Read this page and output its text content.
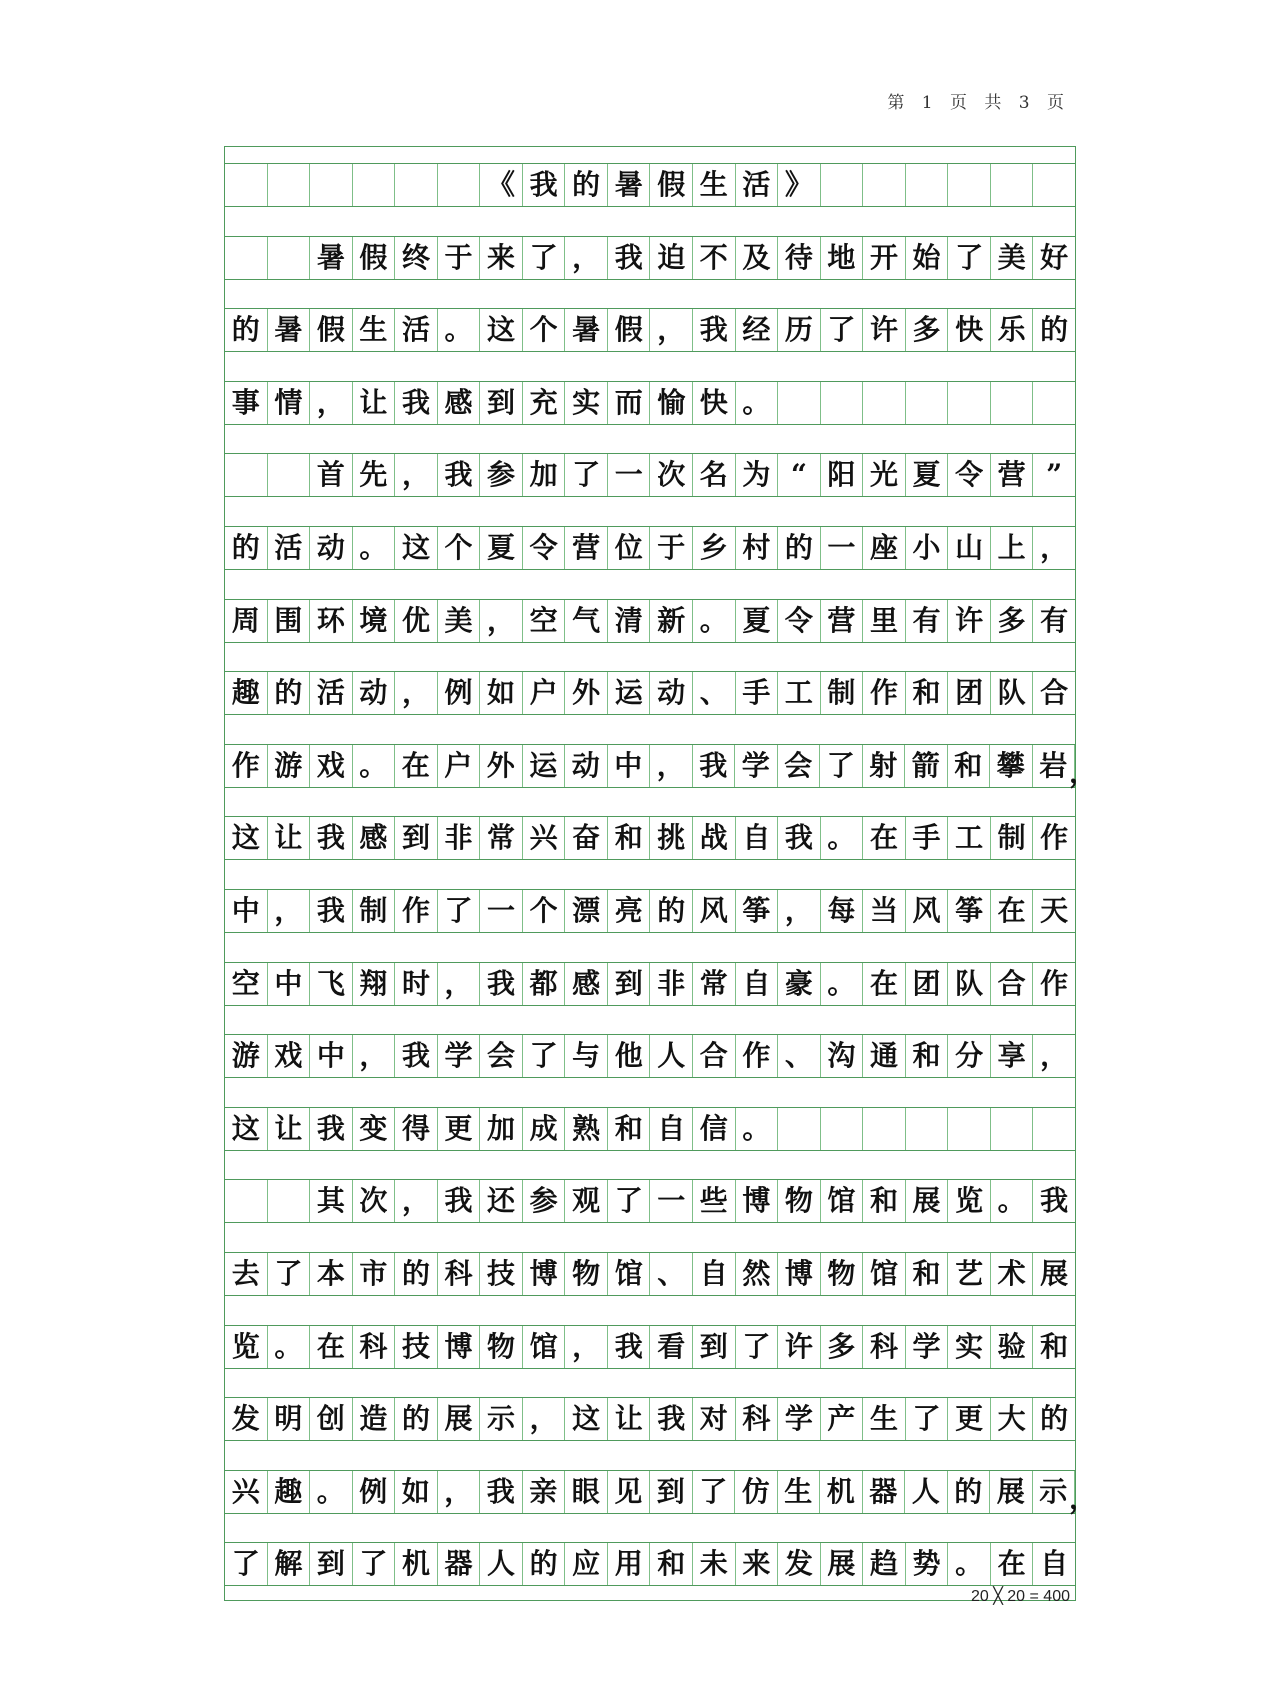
第 1 页 共 3 页
《 我 的 暑 假 生 活 》
暑 假 终 于 来 了 ， 我 迫 不 及 待 地 开 始 了 美 好
的 暑 假 生 活 。 这 个 暑 假 ， 我 经 历 了 许 多 快 乐 的
事 情 ， 让 我 感 到 充 实 而 愉 快 。
首 先 ， 我 参 加 了 一 次 名 为 “ 阳 光 夏 令 营 ”
的 活 动 。 这 个 夏 令 营 位 于 乡 村 的 一 座 小 山 上 ，
周 围 环 境 优 美 ， 空 气 清 新 。 夏 令 营 里 有 许 多 有
趣 的 活 动 ， 例 如 户 外 运 动 、 手 工 制 作 和 团 队 合
作 游 戏 。 在 户 外 运 动 中 ， 我 学 会 了 射 箭 和 攀 岩 ，
这 让 我 感 到 非 常 兴 奋 和 挑 战 自 我 。 在 手 工 制 作
中 ， 我 制 作 了 一 个 漂 亮 的 风 筝 ， 每 当 风 筝 在 天
空 中 飞 翔 时 ， 我 都 感 到 非 常 自 豪 。 在 团 队 合 作
游 戏 中 ， 我 学 会 了 与 他 人 合 作 、 沟 通 和 分 享 ，
这 让 我 变 得 更 加 成 熟 和 自 信 。
其 次 ， 我 还 参 观 了 一 些 博 物 馆 和 展 览 。 我
去 了 本 市 的 科 技 博 物 馆 、 自 然 博 物 馆 和 艺 术 展
览 。 在 科 技 博 物 馆 ， 我 看 到 了 许 多 科 学 实 验 和
发 明 创 造 的 展 示 ， 这 让 我 对 科 学 产 生 了 更 大 的
兴 趣 。 例 如 ， 我 亲 眼 见 到 了 仿 生 机 器 人 的 展 示 ，
了 解 到 了 机 器 人 的 应 用 和 未 来 发 展 趋 势 。 在 自
20 ╳ 20 = 400
